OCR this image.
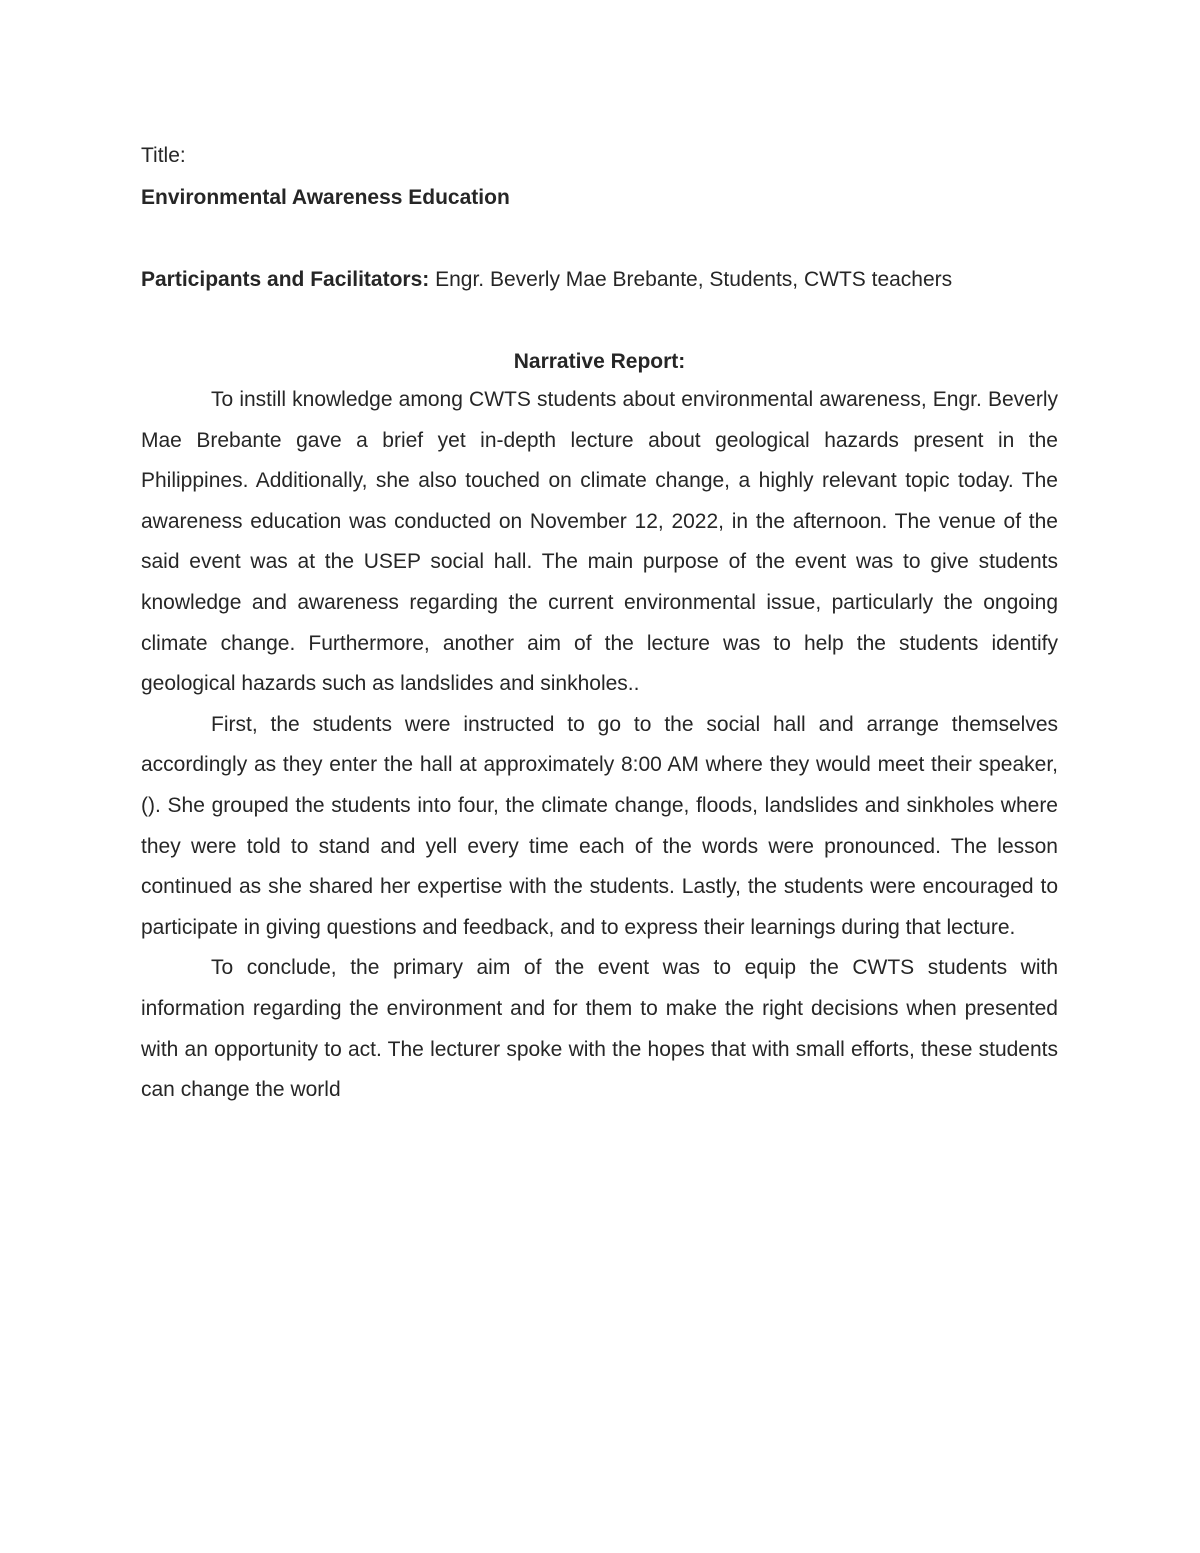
Title:

Environmental Awareness Education

Participants and Facilitators: Engr. Beverly Mae Brebante, Students, CWTS teachers

Narrative Report:

To instill knowledge among CWTS students about environmental awareness, Engr. Beverly Mae Brebante gave a brief yet in-depth lecture about geological hazards present in the Philippines. Additionally, she also touched on climate change, a highly relevant topic today. The awareness education was conducted on November 12, 2022, in the afternoon. The venue of the said event was at the USEP social hall. The main purpose of the event was to give students knowledge and awareness regarding the current environmental issue, particularly the ongoing climate change. Furthermore, another aim of the lecture was to help the students identify geological hazards such as landslides and sinkholes..

First, the students were instructed to go to the social hall and arrange themselves accordingly as they enter the hall at approximately 8:00 AM where they would meet their speaker, (). She grouped the students into four, the climate change, floods, landslides and sinkholes where they were told to stand and yell every time each of the words were pronounced. The lesson continued as she shared her expertise with the students. Lastly, the students were encouraged to participate in giving questions and feedback, and to express their learnings during that lecture.

To conclude, the primary aim of the event was to equip the CWTS students with information regarding the environment and for them to make the right decisions when presented with an opportunity to act. The lecturer spoke with the hopes that with small efforts, these students can change the world
